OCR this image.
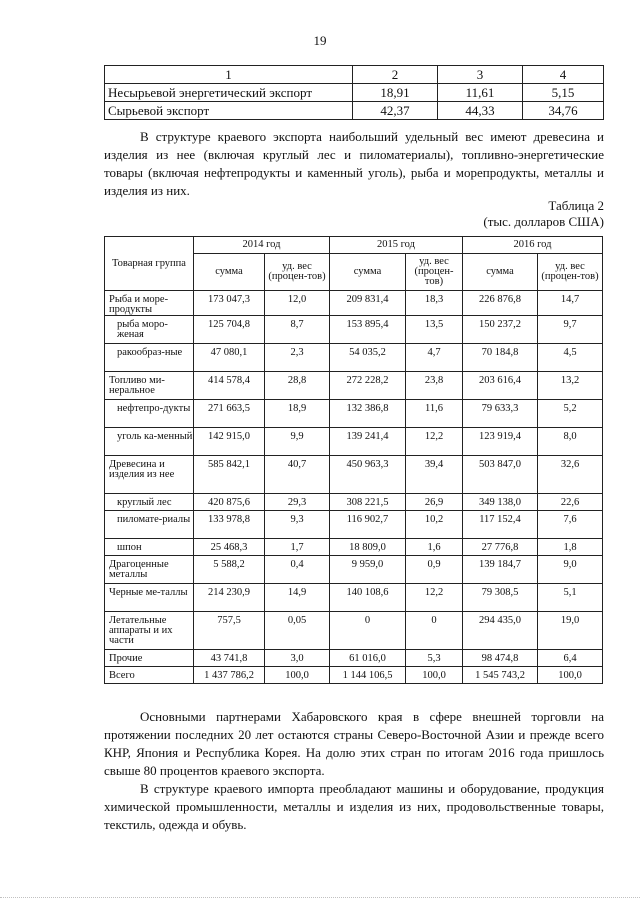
19
1	2	3	4
Несырьевой энергетический экспорт	18,91	11,61	5,15
Сырьевой экспорт	42,37	44,33	34,76
В структуре краевого экспорта наибольший удельный вес имеют древесина и изделия из нее (включая круглый лес и пиломатериалы), топливно-энергетические товары (включая нефтепродукты и каменный уголь), рыба и морепродукты, металлы и изделия из них.
Таблица 2
(тыс. долларов США)
Товарная группа	2014 год		2015 год		2016 год	
	сумма	уд. вес (процен-тов)	сумма	уд. вес (процен-тов)	сумма	уд. вес (процен-тов)
Рыба и море-продукты	173 047,3	12,0	209 831,4	18,3	226 876,8	14,7
рыба моро-женая	125 704,8	8,7	153 895,4	13,5	150 237,2	9,7
ракообраз-ные	47 080,1	2,3	54 035,2	4,7	70 184,8	4,5
Топливо ми-неральное	414 578,4	28,8	272 228,2	23,8	203 616,4	13,2
нефтепро-дукты	271 663,5	18,9	132 386,8	11,6	79 633,3	5,2
уголь ка-менный	142 915,0	9,9	139 241,4	12,2	123 919,4	8,0
Древесина и изделия из нее	585 842,1	40,7	450 963,3	39,4	503 847,0	32,6
круглый лес	420 875,6	29,3	308 221,5	26,9	349 138,0	22,6
пиломате-риалы	133 978,8	9,3	116 902,7	10,2	117 152,4	7,6
шпон	25 468,3	1,7	18 809,0	1,6	27 776,8	1,8
Драгоценные металлы	5 588,2	0,4	9 959,0	0,9	139 184,7	9,0
Черные ме-таллы	214 230,9	14,9	140 108,6	12,2	79 308,5	5,1
Летательные аппараты и их части	757,5	0,05	0	0	294 435,0	19,0
Прочие	43 741,8	3,0	61 016,0	5,3	98 474,8	6,4
Всего	1 437 786,2	100,0	1 144 106,5	100,0	1 545 743,2	100,0
Основными партнерами Хабаровского края в сфере внешней торговли на протяжении последних 20 лет остаются страны Северо-Восточной Азии и прежде всего КНР, Япония и Республика Корея. На долю этих стран по итогам 2016 года пришлось свыше 80 процентов краевого экспорта.
В структуре краевого импорта преобладают машины и оборудование, продукция химической промышленности, металлы и изделия из них, продовольственные товары, текстиль, одежда и обувь.
